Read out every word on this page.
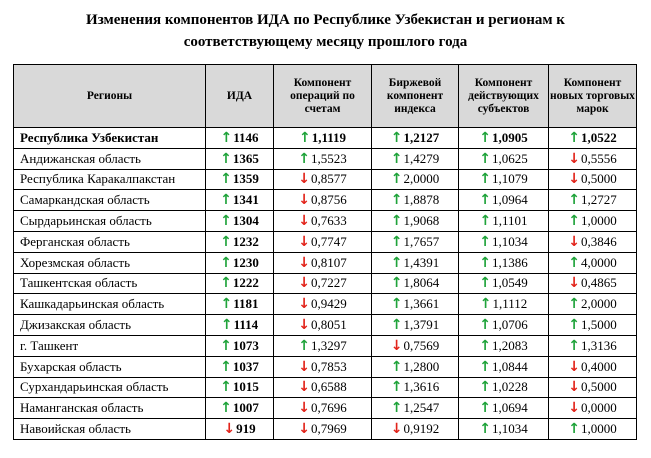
Изменения компонентов ИДА по Республике Узбекистан и регионам к
соответствующему месяцу прошлого года
Регионы	ИДА	Компонент операций по счетам	Биржевой компонент индекса	Компонент действующих субъектов	Компонент новых торговых марок
Республика Узбекистан	↑1146	↑1,1119	↑1,2127	↑1,0905	↑1,0522
Андижанская область	↑1365	↑1,5523	↑1,4279	↑1,0625	↓0,5556
Республика Каракалпакстан	↑1359	↓0,8577	↑2,0000	↑1,1079	↓0,5000
Самаркандская область	↑1341	↓0,8756	↑1,8878	↑1,0964	↑1,2727
Сырдарьинская область	↑1304	↓0,7633	↑1,9068	↑1,1101	↑1,0000
Ферганская область	↑1232	↓0,7747	↑1,7657	↑1,1034	↓0,3846
Хорезмская область	↑1230	↓0,8107	↑1,4391	↑1,1386	↑4,0000
Ташкентская область	↑1222	↓0,7227	↑1,8064	↑1,0549	↓0,4865
Кашкадарьинская область	↑1181	↓0,9429	↑1,3661	↑1,1112	↑2,0000
Джизакская область	↑1114	↓0,8051	↑1,3791	↑1,0706	↑1,5000
г. Ташкент	↑1073	↑1,3297	↓0,7569	↑1,2083	↑1,3136
Бухарская область	↑1037	↓0,7853	↑1,2800	↑1,0844	↓0,4000
Сурхандарьинская область	↑1015	↓0,6588	↑1,3616	↑1,0228	↓0,5000
Наманганская область	↑1007	↓0,7696	↑1,2547	↑1,0694	↓0,0000
Навоийская область	↓919	↓0,7969	↓0,9192	↑1,1034	↑1,0000
